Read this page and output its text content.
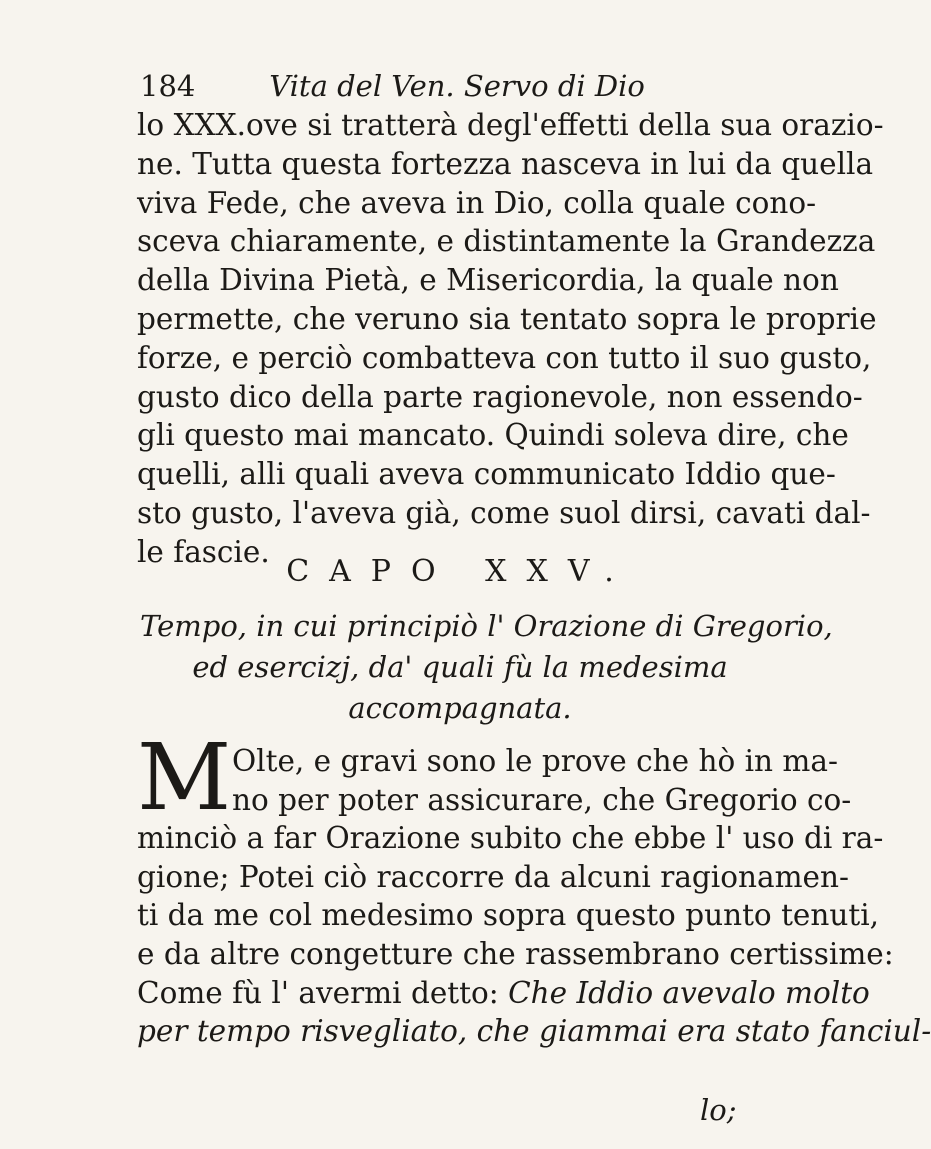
184	Vita del Ven. Servo di Dio
lo XXX.ove si tratterà degl'effetti della sua orazio-
ne. Tutta questa fortezza nasceva in lui da quella
viva Fede, che aveva in Dio, colla quale cono-
sceva chiaramente, e distintamente la Grandezza
della Divina Pietà, e Misericordia, la quale non
permette, che veruno sia tentato sopra le proprie
forze, e perciò combatteva con tutto il suo gusto,
gusto dico della parte ragionevole, non essendo-
gli questo mai mancato. Quindi soleva dire, che
quelli, alli quali aveva communicato Iddio que-
sto gusto, l'aveva già, come suol dirsi, cavati dal-
le fascie.
CAPO XXV.
Tempo, in cui principiò l' Orazione di Gregorio,
ed esercizj, da' quali fù la medesima
accompagnata.
M Olte, e gravi sono le prove che hò in ma-
no per poter assicurare, che Gregorio co-
minciò a far Orazione subito che ebbe l' uso di ra-
gione; Potei ciò raccorre da alcuni ragionamen-
ti da me col medesimo sopra questo punto tenuti,
e da altre congetture che rassembrano certissime:
Come fù l' avermi detto: Che Iddio avevalo molto
per tempo risvegliato, che giammai era stato fanciul-
lo;
